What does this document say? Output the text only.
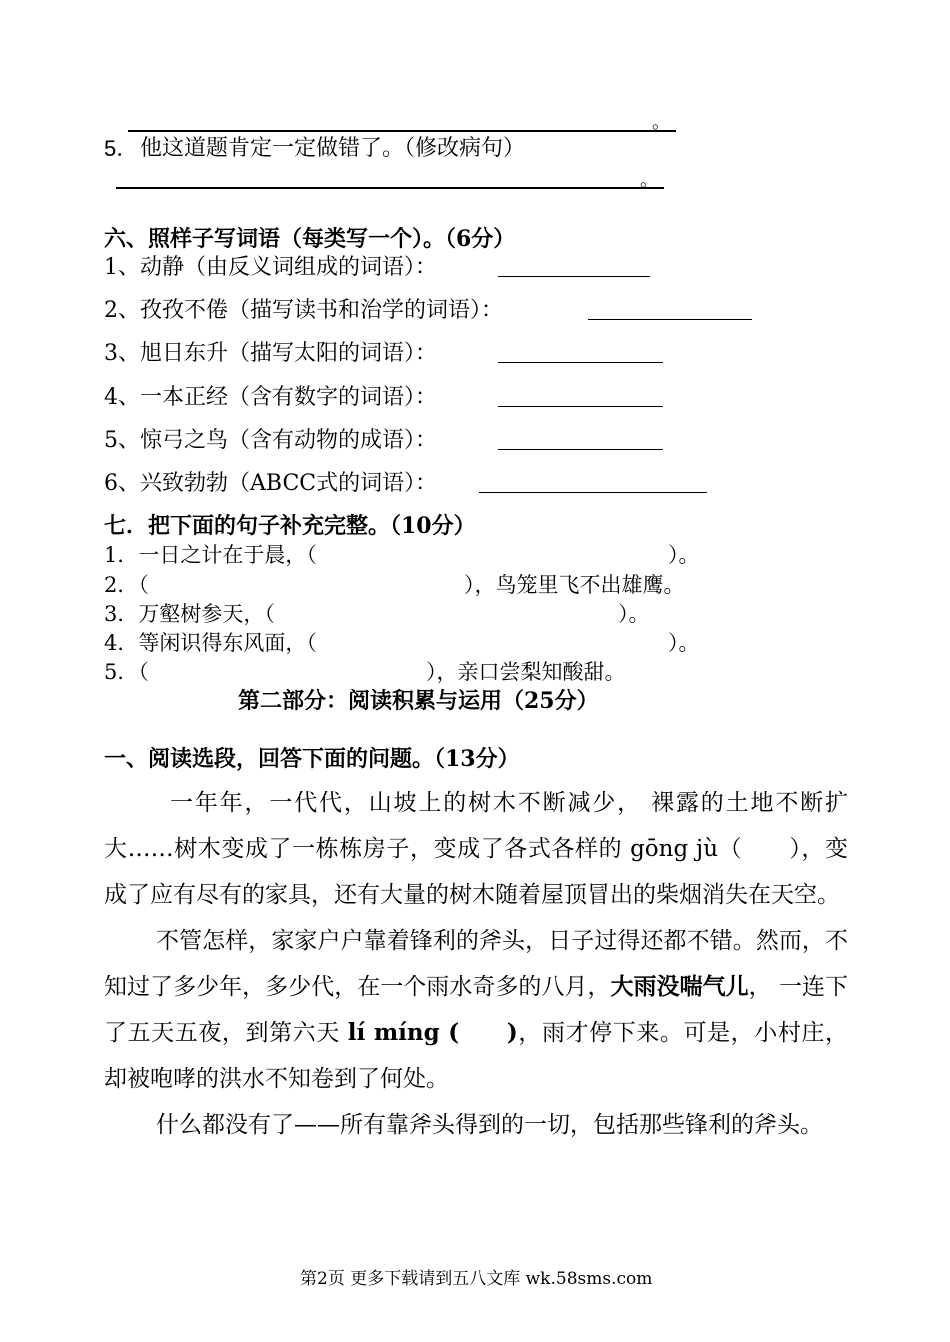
。
5． 他这道题肯定一定做错了。（修改病句）
。
六、照样子写词语（每类写一个）。（6分）
1、动静（由反义词组成的词语）：
2、孜孜不倦（描写读书和治学的词语）：
3、旭日东升（描写太阳的词语）：
4、一本正经（含有数字的词语）：
5、惊弓之鸟（含有动物的成语）：
6、兴致勃勃（ABCC式的词语）：
七．把下面的句子补充完整。（10分）
1．一日之计在于晨，（	）。
2．（	），鸟笼里飞不出雄鹰。
3．万壑树参天，（	）。
4．等闲识得东风面，（	）。
5．（	），亲口尝梨知酸甜。
第二部分：阅读积累与运用（25分）
一、阅读选段，回答下面的问题。（13分）

一年年，一代代，山坡上的树木不断减少， 裸露的土地不断扩大……树木变成了一栋栋房子，变成了各式各样的 gōng jù（　　），变成了应有尽有的家具，还有大量的树木随着屋顶冒出的柴烟消失在天空。

不管怎样，家家户户靠着锋利的斧头，日子过得还都不错。然而，不知过了多少年，多少代，在一个雨水奇多的八月，大雨没喘气儿， 一连下了五天五夜，到第六天 lí míng (　　)，雨才停下来。可是，小村庄，却被咆哮的洪水不知卷到了何处。

什么都没有了——所有靠斧头得到的一切，包括那些锋利的斧头。

第2页 更多下载请到五八文库 wk.58sms.com
